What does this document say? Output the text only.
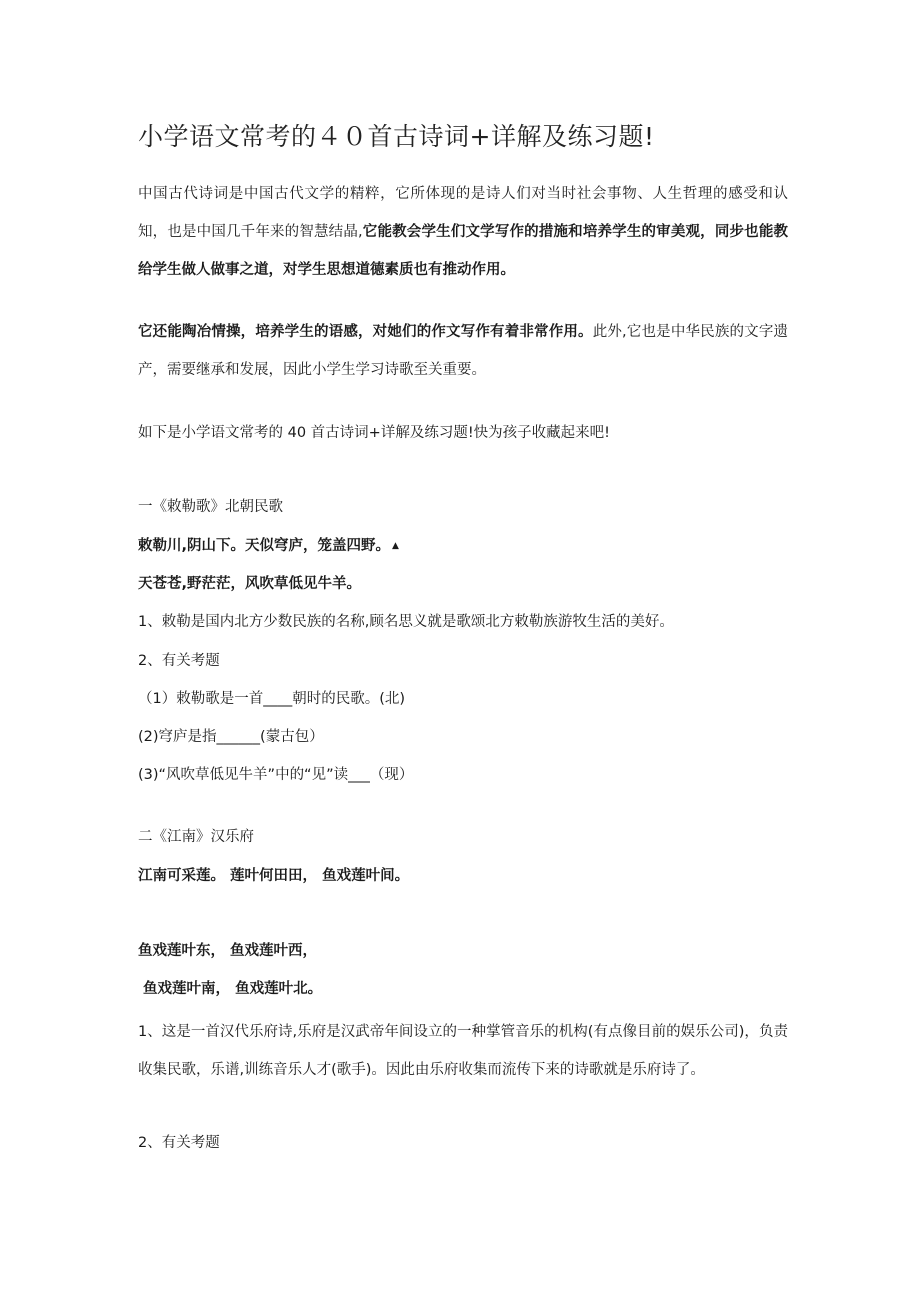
小学语文常考的４０首古诗词+详解及练习题!
中国古代诗词是中国古代文学的精粹，它所体现的是诗人们对当时社会事物、人生哲理的感受和认知，也是中国几千年来的智慧结晶,它能教会学生们文学写作的措施和培养学生的审美观，同步也能教给学生做人做事之道，对学生思想道德素质也有推动作用。
它还能陶冶情操，培养学生的语感，对她们的作文写作有着非常作用。此外,它也是中华民族的文字遗产，需要继承和发展，因此小学生学习诗歌至关重要。
如下是小学语文常考的 40 首古诗词+详解及练习题!快为孩子收藏起来吧!
一《敕勒歌》北朝民歌
敕勒川,阴山下。天似穹庐，笼盖四野。 ▲
天苍苍,野茫茫，风吹草低见牛羊。
1、敕勒是国内北方少数民族的名称,顾名思义就是歌颂北方敕勒族游牧生活的美好。
2、有关考题
（1）敕勒歌是一首____朝时的民歌。(北)
(2)穹庐是指______(蒙古包）
(3)“风吹草低见牛羊”中的“见”读___（现）
二《江南》汉乐府
江南可采莲。 莲叶何田田， 鱼戏莲叶间。
鱼戏莲叶东， 鱼戏莲叶西，
鱼戏莲叶南， 鱼戏莲叶北。
1、这是一首汉代乐府诗,乐府是汉武帝年间设立的一种掌管音乐的机构(有点像目前的娱乐公司)，负责收集民歌，乐谱,训练音乐人才(歌手)。因此由乐府收集而流传下来的诗歌就是乐府诗了。
2、有关考题
